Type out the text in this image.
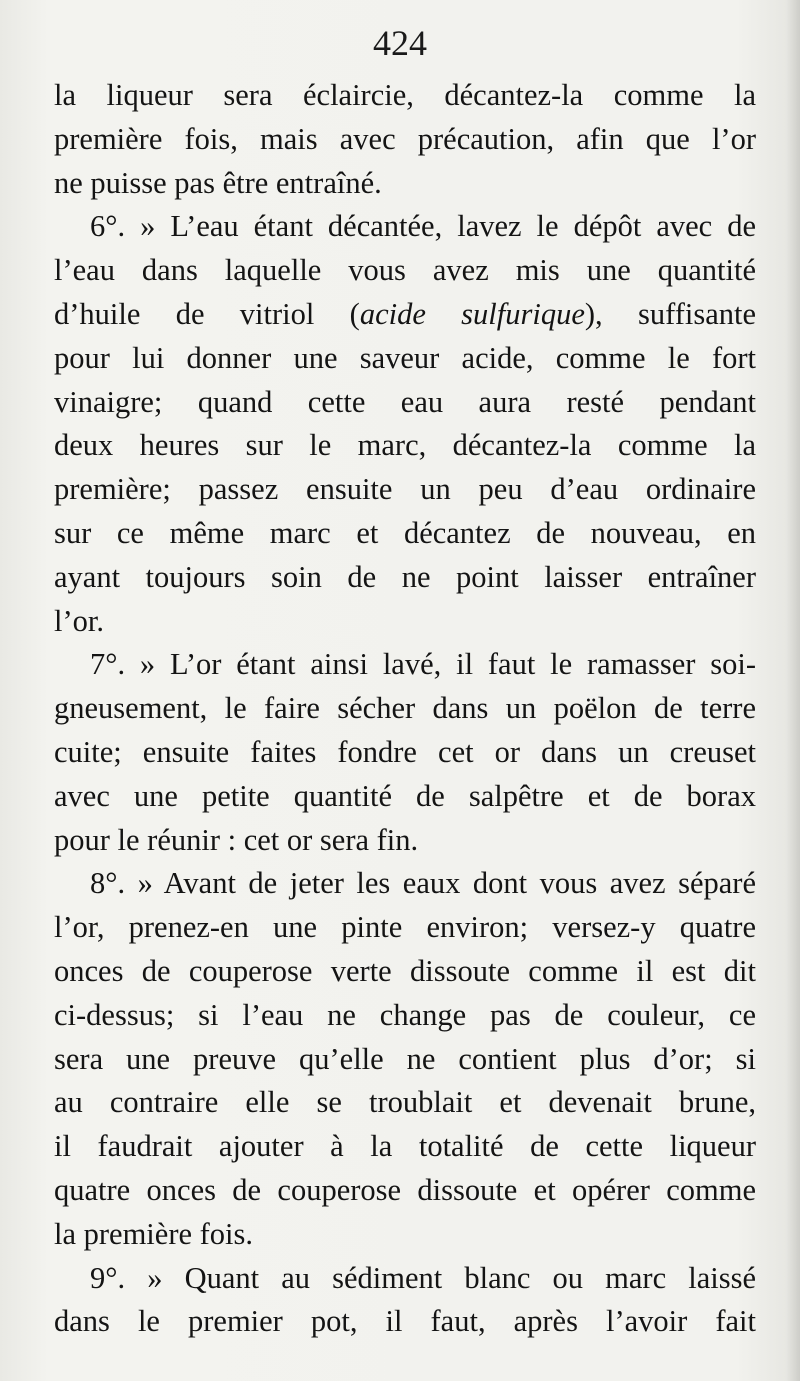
424
la liqueur sera éclaircie, décantez-la comme la
première fois, mais avec précaution, afin que l’or
ne puisse pas être entraîné.
6°. » L’eau étant décantée, lavez le dépôt avec de
l’eau dans laquelle vous avez mis une quantité
d’huile de vitriol (acide sulfurique), suffisante
pour lui donner une saveur acide, comme le fort
vinaigre; quand cette eau aura resté pendant
deux heures sur le marc, décantez-la comme la
première; passez ensuite un peu d’eau ordinaire
sur ce même marc et décantez de nouveau, en
ayant toujours soin de ne point laisser entraîner
l’or.
7°. » L’or étant ainsi lavé, il faut le ramasser soi-
gneusement, le faire sécher dans un poëlon de terre
cuite; ensuite faites fondre cet or dans un creuset
avec une petite quantité de salpêtre et de borax
pour le réunir : cet or sera fin.
8°. » Avant de jeter les eaux dont vous avez séparé
l’or, prenez-en une pinte environ; versez-y quatre
onces de couperose verte dissoute comme il est dit
ci-dessus; si l’eau ne change pas de couleur, ce
sera une preuve qu’elle ne contient plus d’or; si
au contraire elle se troublait et devenait brune,
il faudrait ajouter à la totalité de cette liqueur
quatre onces de couperose dissoute et opérer comme
la première fois.
9°. » Quant au sédiment blanc ou marc laissé
dans le premier pot, il faut, après l’avoir fait
